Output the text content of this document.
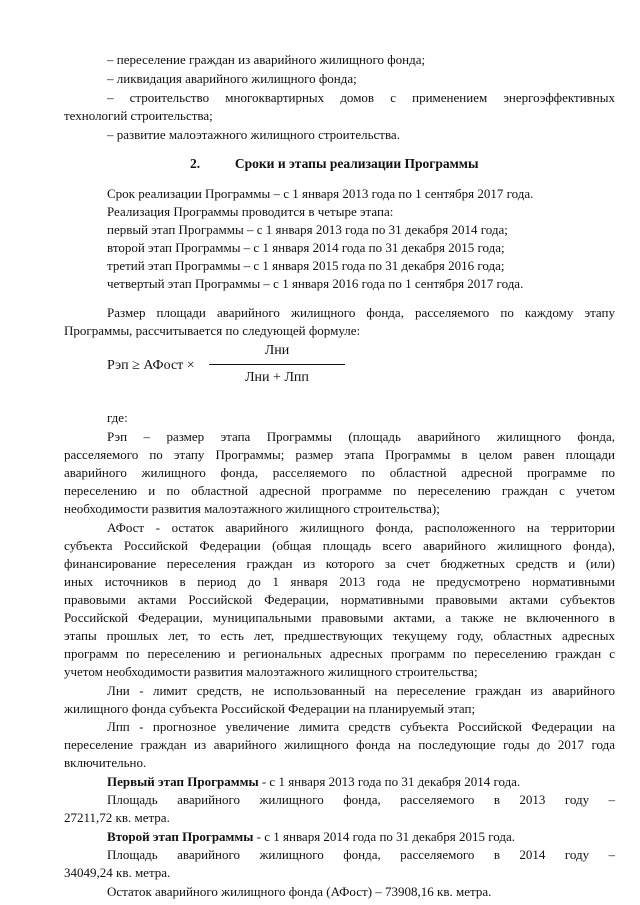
– переселение граждан из аварийного жилищного фонда;
– ликвидация аварийного жилищного фонда;
– строительство многоквартирных домов с применением энергоэффективных
технологий строительства;
– развитие малоэтажного жилищного строительства.
2.	Сроки и этапы реализации Программы
Срок реализации Программы – с 1 января 2013 года по 1 сентября 2017 года.
Реализация Программы проводится в четыре этапа:
первый этап Программы – с 1 января 2013 года по 31 декабря 2014 года;
второй этап Программы – с 1 января 2014 года по 31 декабря 2015 года;
третий этап Программы – с 1 января 2015 года по 31 декабря 2016 года;
четвертый этап Программы – с 1 января 2016 года по 1 сентября 2017 года.
Размер площади аварийного жилищного фонда, расселяемого по каждому этапу
Программы, рассчитывается по следующей формуле:
Рэп ≥ АФост ×
Лни
Лни + Лпп
где:
Рэп – размер этапа Программы (площадь аварийного жилищного фонда,
расселяемого по этапу Программы; размер этапа Программы в целом равен площади
аварийного жилищного фонда, расселяемого по областной адресной программе по
переселению и по областной адресной программе по переселению граждан с учетом
необходимости развития малоэтажного жилищного строительства);
АФост - остаток аварийного жилищного фонда, расположенного на территории
субъекта Российской Федерации (общая площадь всего аварийного жилищного фонда),
финансирование переселения граждан из которого за счет бюджетных средств и (или)
иных источников в период до 1 января 2013 года не предусмотрено нормативными
правовыми актами Российской Федерации, нормативными правовыми актами субъектов
Российской Федерации, муниципальными правовыми актами, а также не включенного в
этапы прошлых лет, то есть лет, предшествующих текущему году, областных адресных
программ по переселению и региональных адресных программ по переселению граждан с
учетом необходимости развития малоэтажного жилищного строительства;
Лни - лимит средств, не использованный на переселение граждан из аварийного
жилищного фонда субъекта Российской Федерации на планируемый этап;
Лпп - прогнозное увеличение лимита средств субъекта Российской Федерации на
переселение граждан из аварийного жилищного фонда на последующие годы до 2017 года
включительно.
Первый этап Программы - с 1 января 2013 года по 31 декабря 2014 года.
Площадь аварийного жилищного фонда, расселяемого в 2013 году –
27211,72 кв. метра.
Второй этап Программы - с 1 января 2014 года по 31 декабря 2015 года.
Площадь аварийного жилищного фонда, расселяемого в 2014 году –
34049,24 кв. метра.
Остаток аварийного жилищного фонда (АФост) – 73908,16 кв. метра.
